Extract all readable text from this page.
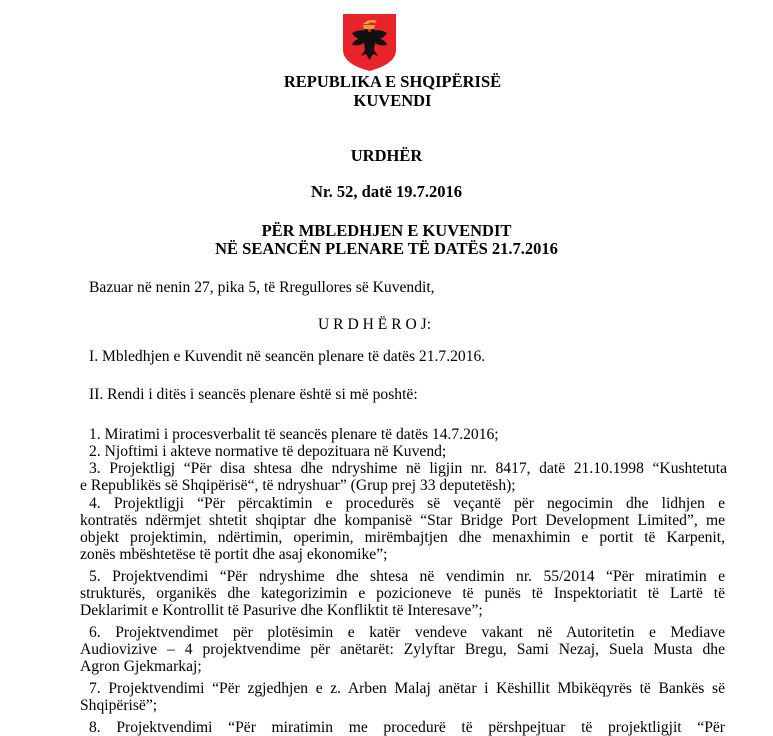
REPUBLIKA E SHQIPËRISË
KUVENDI
URDHËR
Nr. 52, datë 19.7.2016
PËR MBLEDHJEN E KUVENDIT
NË SEANCËN PLENARE TË DATËS 21.7.2016
Bazuar në nenin 27, pika 5, të Rregullores së Kuvendit,
U R D H Ë R O J:
I. Mbledhjen e Kuvendit në seancën plenare të datës 21.7.2016.
II. Rendi i ditës i seancës plenare është si më poshtë:
1. Miratimi i procesverbalit të seancës plenare të datës 14.7.2016;
2. Njoftimi i akteve normative të depozituara në Kuvend;
3. Projektligj “Për disa shtesa dhe ndryshime në ligjin nr. 8417, datë 21.10.1998 “Kushtetuta
e Republikës së Shqipërisë“, të ndryshuar” (Grup prej 33 deputetësh);
4. Projektligji “Për përcaktimin e procedurës së veçantë për negocimin dhe lidhjen e
kontratës ndërmjet shtetit shqiptar dhe kompanisë “Star Bridge Port Development Limited”, me
objekt projektimin, ndërtimin, operimin, mirëmbajtjen dhe menaxhimin e portit të Karpenit,
zonës mbështetëse të portit dhe asaj ekonomike”;
5. Projektvendimi “Për ndryshime dhe shtesa në vendimin nr. 55/2014 “Për miratimin e
strukturës, organikës dhe kategorizimin e pozicioneve të punës të Inspektoriatit të Lartë të
Deklarimit e Kontrollit të Pasurive dhe Konfliktit të Interesave”;
6. Projektvendimet për plotësimin e katër vendeve vakant në Autoritetin e Mediave
Audiovizive – 4 projektvendime për anëtarët: Zylyftar Bregu, Sami Nezaj, Suela Musta dhe
Agron Gjekmarkaj;
7. Projektvendimi “Për zgjedhjen e z. Arben Malaj anëtar i Këshillit Mbikëqyrës të Bankës së
Shqipërisë”;
8. Projektvendimi “Për miratimin me procedurë të përshpejtuar të projektligjit “Për
